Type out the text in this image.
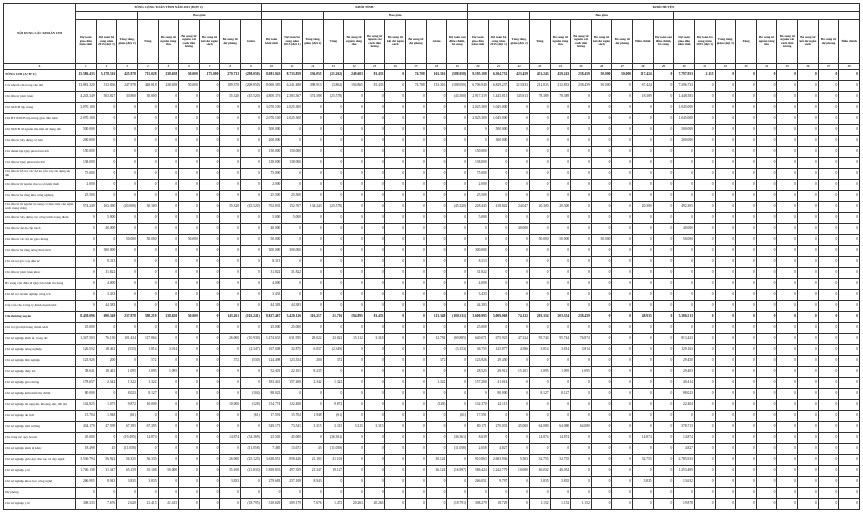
NỘI DUNG CÁC KHOẢN CHI	TỔNG CỘNG TOÀN TỈNH NĂM 2015 (ĐỢT 2)									KHỐI TỈNH										KHỐI HUYỆN																		
				Bao gồm									Bao gồm										Bao gồm															
	Dự toán giao đầu năm tỉnh	Dự toán bổ sung năm 2015 (đợt 1)	Tổng tăng, giảm (đợt 2)	Tăng	Bổ sung từ nguồn tăng thu	Bổ sung từ nguồn cải cách tiền lương	Bổ sung từ kết dư ngân sách	Bổ sung từ dự phòng	Giảm	Dự toán khối tỉnh	Dự toán bổ sung năm 2015 (đợt 1)	Tổng tăng, giảm (đợt 2)	Tăng	Bổ sung từ nguồn tăng thu	Bổ sung từ nguồn cải cách tiền lương	Bổ sung từ kết dư ngân sách	Bổ sung từ dự phòng	Giảm	Dự toán sau điều chỉnh, bổ sung	Dự toán giao đầu năm tỉnh	Dự toán bổ sung năm 2015 (đợt 1)	Tổng tăng, giảm (đợt 2)	Tăng	Bổ sung từ nguồn tăng thu	Bổ sung từ nguồn cải cách tiền lương	Bổ sung từ kết dư ngân sách	Bổ sung từ dự phòng	Điều chỉnh	Dự toán sau điều chỉnh, bổ sung	Dự toán giao đầu năm tỉnh	Dự toán bổ sung năm 2015 (đợt 1)	Tổng tăng, giảm (đợt 2)	Tăng	Bổ sung từ nguồn tăng thu	Bổ sung từ nguồn cải cách tiền lương	Bổ sung từ kết dư ngân sách	Bổ sung từ dự phòng	Điều chỉnh
A	1	2	3	4	5	6	7	8	9	10	11	12	13	14	15	16	17	18	19	20	21	22	23	24	25	26	27	28	29	30	31	32	33	34	35	36	37	38
TỔNG CHI (A+B+C)	15.586.433	5.178.316	425.978	715.028	238.658	50.000	175.000	270.733	(298.050)	8.081.943	8.733.859	336.055	(21.262)	249.603	81.433	0	74.708	163.316	(588.058)	9.195.108	6.304.752	423.459	451.243	459.243	238.459	50.000	50.000	117.424	0	7.797.953	2.115	0	0	0	0	0	0	0
Các khoản chi trong cân đối	13.881.320	513.836	247.978	448.818	238.658	50.000	0	189.370	(208.850)	8.060.383	6.241.488	498.913	(3.862)	194.865	81.433	0	74.708	153.316	(108.050)	6.706.940	6.829.237	213.833	212.833	212.833	238.459	50.000	0	67.424	0	7.296.733	0	0	0	0	0	0	0	0
Chi đầu tư phát triển	4.243.349	503.827	30.800	30.800	0	0	0	35.320	(45.520)	4.800.376	2.383.367	374.588	(25.578)	0	0	0	0	0	(43.500)	2.917.319	1.445.813	145.813	78.389	78.389	0	0	0	18.389	0	1.448.583	0	0	0	0	0	0	0	0
Chi XDCB tập trung	3.070.100	0	0	0	0	0	0	0	0	3.070.100	2.025.300	0	0	0	0	0	0	0	0	2.025.300	1.045.000	0	0	0	0	0	0	0	0	1.045.000	0	0	0	0	0	0	0	0
Chi ĐT XDCB tập trung giao đầu năm	2.070.100	0	0	0	0	0	0	0	0	2.070.100	2.025.300	0	0	0	0	0	0	0	0	2.025.300	1.045.000	0	0	0	0	0	0	0	0	1.045.000	0	0	0	0	0	0	0	0
Chi XDCB từ nguồn thu tiền sử dụng đất	500.000	0	0	0	0	0	0	0	0	500.000	0	0	0	0	0	0	0	0	0	0	500.000	0	0	0	0	0	0	0	0	500.000	0	0	0	0	0	0	0	0
Chi đầu tư xây dựng cơ bản	200.000	0	0	0	0	0	0	0	0	200.000	0	0	0	0	0	0	0	0	0	0	300.000	0	0	0	0	0	0	0	0	200.000	0	0	0	0	0	0	0	0
Chi thành lập Quỹ phát triển đất	150.000	0	0	0	0	0	0	0	0	150.000	150.000	0	0	0	0	0	0	0	0	150.000	0	0	0	0	0	0	0	0	0	0	0	0	0	0	0	0	0	0
Chi đầu tư Quỹ phát triển đất	138.000	0	0	0	0	0	0	0	0	138.000	138.000	0	0	0	0	0	0	0	0	138.000	0	0	0	0	0	0	0	0	0	0	0	0	0	0	0	0	0	0
Chi đầu tư hỗ trợ các dự án vốn vay tín dụng ưu đãi	75.000	0	0	0	0	0	0	0	0	75.000	0	0	0	0	0	0	0	0	0	75.000	0	0	0	0	0	0	0	0	0	0	0	0	0	0	0	0	0	0
Chi đầu tư từ nguồn thu xổ số kiến thiết	2.000	0	0	0	0	0	0	0	0	2.000	0	0	0	0	0	0	0	0	0	2.000	0	0	0	0	0	0	0	0	0	0	0	0	0	0	0	0	0	0
Chi đầu tư hạ tầng khu công nghiệp	25.500	0	0	0	0	0	0	0	0	25.500	25.500	0	0	0	0	0	0	0	0	25.500	0	0	0	0	0	0	0	0	0	0	0	0	0	0	0	0	0	0
Chi đầu tư từ nguồn bổ sung có mục tiêu của ngân sách trung ương	574.249	163.390	(20.000)	30.300	0	0	0	35.320	(45.520)	702.833	152.767	134.243	(25.578)	0	0	0	0	0	(45.520)	228.445	418.842	24.047	20.300	20.300	0	0	0	20.300	0	492.305	0	0	0	0	0	0	0	0
Chi đầu tư xây dựng các công trình trọng điểm	0	5.000	0	0	0	0	0	0	0	5.000	5.000	0	0	0	0	0	0	0	0	5.000	0	0	0	0	0	0	0	0	0	0	0	0	0	0	0	0	0	0
Chi đầu tư dự án cấp bách	0	40.000	0	0	0	0	0	0	0	40.000	0	0	0	0	0	0	0	0	0	0	0	40.000	0	0	0	0	0	0	0	40.000	0	0	0	0	0	0	0	0
Chi đầu tư các dự án giao thông	0	0	50.000	50.000	0	50.000	0	0	0	50.000	0	0	0	0	0	0	0	0	0	0	0	0	50.000	50.000	0	50.000	0	0	0	50.000	0	0	0	0	0	0	0	0
Chi đầu tư hạ tầng nông thôn mới	0	300.000	0	0	0	0	0	0	0	300.000	300.000	0	0	0	0	0	0	0	0	300.000	0	0	0	0	0	0	0	0	0	0	0	0	0	0	0	0	0	0
Chi trả nợ gốc vay đầu tư	0	8.313	0	0	0	0	0	0	0	8.313	0	0	0	0	0	0	0	0	0	8.313	0	0	0	0	0	0	0	0	0	0	0	0	0	0	0	0	0	0
Chi đầu tư phát triển khác	0	31.822	0	0	0	0	0	0	0	31.822	31.822	0	0	0	0	0	0	0	0	31.822	0	0	0	0	0	0	0	0	0	0	0	0	0	0	0	0	0	0
Bổ sung vốn điều lệ Quỹ bảo lãnh tín dụng	0	4.000	0	0	0	0	0	0	0	4.000	0	0	0	0	0	0	0	0	0	4.000	0	0	0	0	0	0	0	0	0	0	0	0	0	0	0	0	0	0
Chi hỗ trợ doanh nghiệp công ích	0	3.433	0	0	0	0	0	0	0	3.433	0	0	0	0	0	0	0	0	0	3.433	0	0	0	0	0	0	0	0	0	0	0	0	0	0	0	0	0	0
Cấp vốn cho Công ty Kinh doanh nhà	0	44.383	0	0	0	0	0	0	0	44.383	44.383	0	0	0	0	0	0	0	0	44.383	0	0	0	0	0	0	0	0	0	0	0	0	0	0	0	0	0	0
Chi thường xuyên	8.439.096	690.349	237.978	398.219	238.658	50.000	0	143.261	(163.241)	8.827.467	3.420.126	116.217	21.716	194.895	81.433	0	0	113.348	(100.311)	3.600.995	5.009.068	74.122	203.354	203.354	238.459	0	0	48.935	0	5.386.513	0	0	0	0	0	0	0	0
Chi trợ giá mặt hàng chính sách	25.000	0	0	0	0	0	0	0	0	25.000	25.000	0	0	0	0	0	0	0	0	25.000	0	0	0	0	0	0	0	0	0	0	0	0	0	0	0	0	0	0
Chi sự nghiệp kinh tế, trong đó:	1.347.503	76.130	101.434	117.864	0	0	0	26.000	(10.930)	1.474.633	631.955	28.022	23.022	15.112	3.318	0	0	12.794	(69.885)	640.071	675.923	47.324	95.744	95.744	76.874	0	0	0	0	813.423	0	0	0	0	0	0	0	0
Chi sự nghiệp nông nghiệp	126.552	18.461	(533)	1.814	3.014	0	0	0	(2.347)	167.048	32.875	6.037	(2.349)	0	0	0	0	0	(3.153)	36.755	125.877	4.586	3.814	3.814	3.814	0	0	0	0	129.163	0	0	0	0	0	0	0	0
Chi sự nghiệp lâm nghiệp	123.926	200	0	572	0	0	0	572	(530)	124.498	123.354	200	372	0	0	0	0	372	0	123.926	29.450	0	0	0	0	0	0	0	0	29.450	0	0	0	0	0	0	0	0
Chi sự nghiệp thủy lợi	38.641	18.461	1.095	1.095	1.095	0	0	0	0	52.401	22.101	8.235	0	0	0	0	0	0	0	28.525	28.912	15.101	1.095	1.095	1.095	0	0	0	0	29.403	0	0	0	0	0	0	0	0
Chi sự nghiệp giao thông	178.657	2.342	1.322	1.322	0	0	0	0	0	183.441	157.200	2.342	1.322	0	0	0	0	1.322	0	157.200	41.014	0	0	0	0	0	0	0	0	40.414	0	0	0	0	0	0	0	0
Chi sự nghiệp kiến thiết thị chính	80.000	0	8.023	8.127	0	0	0	0	(104)	88.023	0	0	0	0	0	0	0	0	0	0	80.000	0	8.127	8.127	0	0	0	0	0	88.023	0	0	0	0	0	0	0	0
Chi sự nghiệp tài nguyên, khoáng sản, đất đai	142.825	1.075	9.872	10.000	0	0	0	10.000	(128)	154.774	122.408	0	9.872	0	0	0	0	(128)	0	132.370	22.113	0	0	0	0	0	0	0	0	22.404	0	0	0	0	0	0	0	0
Chi sự nghiệp du lịch	15.704	1.948	(61)	0	0	0	0	0	(61)	17.591	15.704	1.948	(61)	0	0	0	0	0	(61)	17.591	0	0	0	0	0	0	0	0	0	0	0	0	0	0	0	0	0	0
Chi sự nghiệp môi trường	434.179	47.599	67.395	67.395	0	0	0	0	0	549.173	73.541	3.315	3.315	3.315	3.315	0	0	0	0	80.171	270.033	45.000	64.080	64.080	64.080	0	0	0	0	378.713	0	0	0	0	0	0	0	0
Chi công tác quy hoạch	45.000	0	(19.495)	14.874	0	0	0	14.874	(34.369)	25.505	45.000	0	(36.361)	0	0	0	0	0	(36.361)	8.639	0	0	14.874	14.874	0	0	0	14.874	0	14.874	0	0	0	0	0	0	0	0
Chi sự nghiệp kinh tế khác	18.498	45	(11.058)	0	0	0	0	0	(11.058)	7.485	13.671	45	(11.058)	0	0	0	0	0	(11.058)	2.658	4.827	0	0	0	0	0	0	0	0	4.827	0	0	0	0	0	0	0	0
Chi sự nghiệp giáo dục đào tạo và dạy nghề	3.536.794	56.922	56.335	56.335	0	0	0	26.000	(25.125)	3.638.051	858.426	21.103	21.103	0	0	0	0	30.124	0	910.863	2.683.936	5.503	32.755	32.755	0	0	0	32.755	0	2.785.933	0	0	0	0	0	0	0	0
Chi sự nghiệp y tế	1.740.138	31.347	65.159	35.108	50.000	0	0	35.108	(21.833)	1.839.833	497.359	21.347	19.127	0	0	0	0	36.124	(16.997)	586.424	1.242.779	10.000	46.032	46.032	0	0	0	0	0	1.253.409	0	0	0	0	0	0	0	0
Chi sự nghiệp khoa học công nghệ	266.905	8.943	3.835	3.835	0	0	0	3.835	0	279.683	257.108	8.943	0	0	0	0	0	0	0	266.051	9.797	0	3.835	3.835	0	0	0	3.835	0	13.632	0	0	0	0	0	0	0	0
Dự phòng	0	0	0	0	0	0	0	0	0	0	0	0	0	0	0	0	0	0	0	0	0	0	0	0	0	0	0	0	0	0	0	0	0	0	0	0	0	0
Chi sự nghiệp y tế	308.333	7.676	2.620	21.415	21.415	0	0	0	(18.795)	318.629	309.179	7.676	1.472	20.263	20.263	0	0	0	(18.791)	308.279	18.729	0	1.152	1.152	1.152	0	0	0	0	19.878	0	0	0	0	0	0	0	0
